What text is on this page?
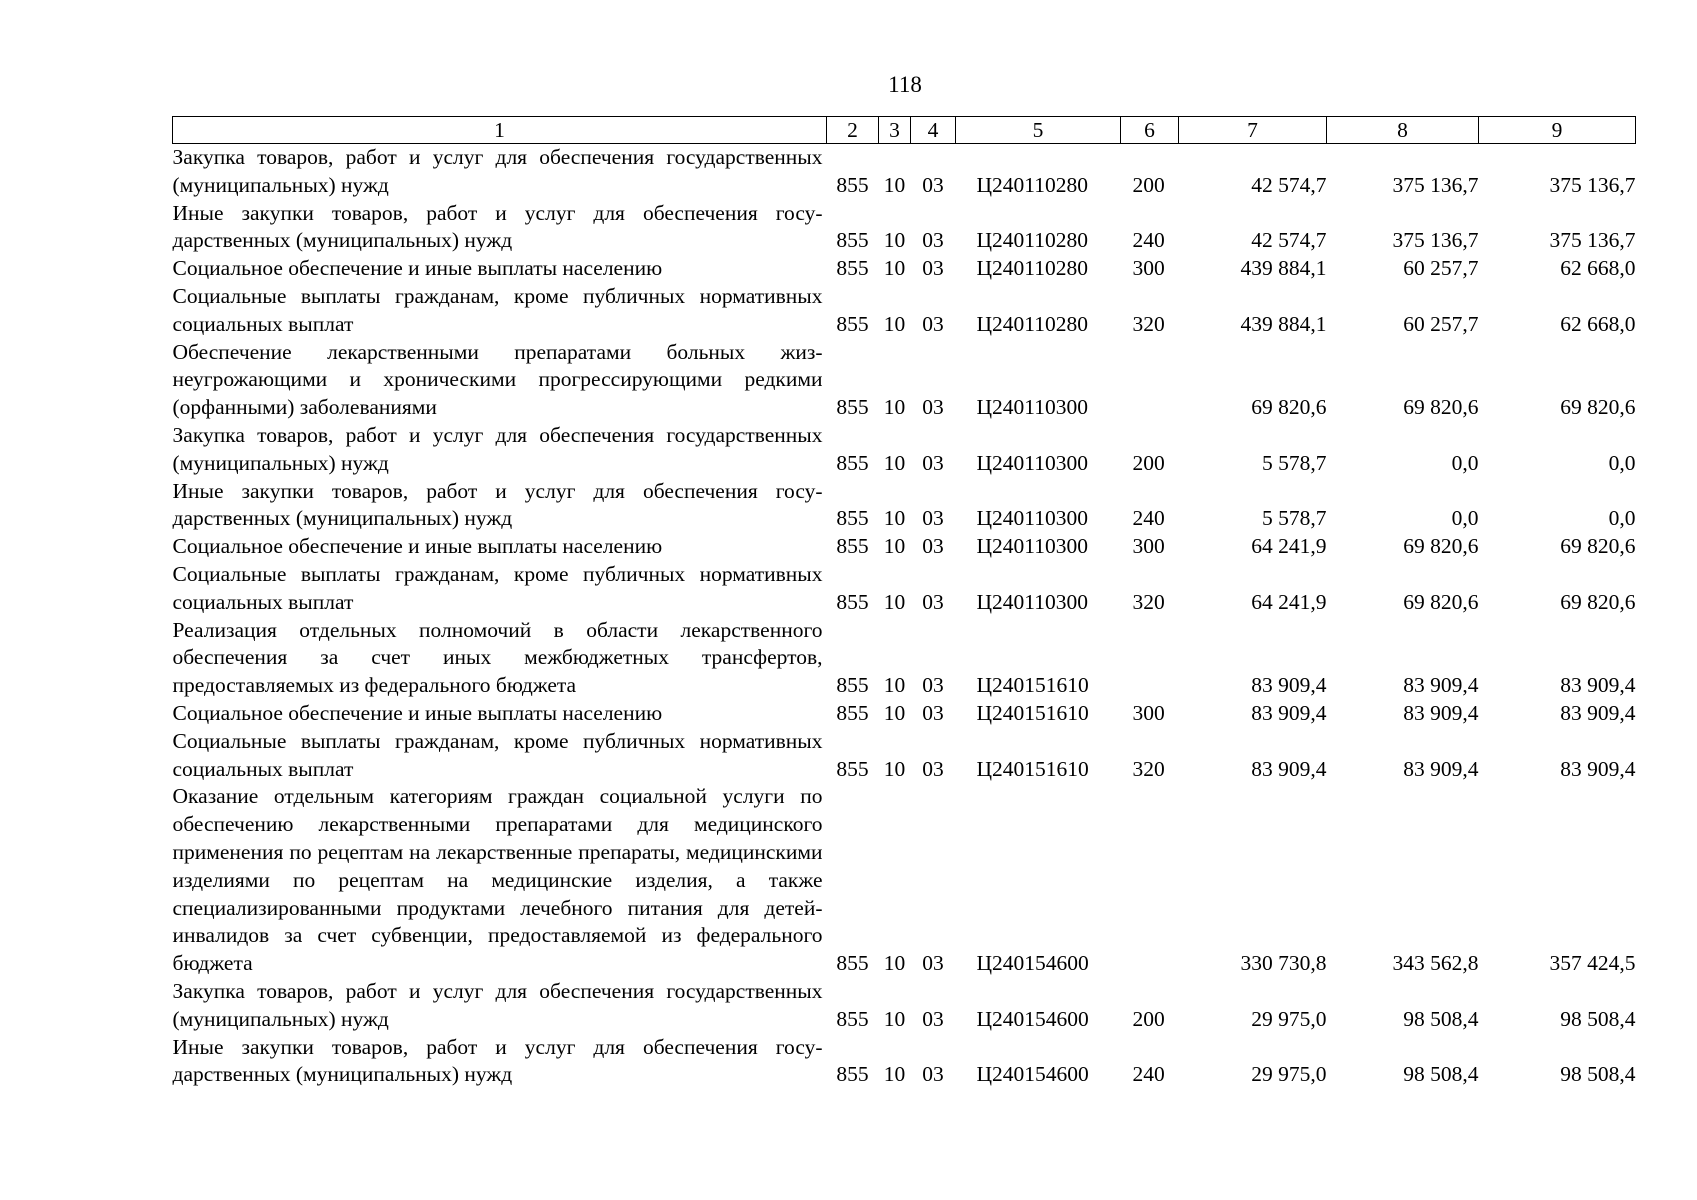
118
1	2	3	4	5	6	7	8	9
Закупка товаров, работ и услуг для обеспечения государственных (муниципальных) нужд	855	10	03	Ц240110280	200	42 574,7	375 136,7	375 136,7
Иные закупки товаров, работ и услуг для обеспечения государственных (муниципальных) нужд	855	10	03	Ц240110280	240	42 574,7	375 136,7	375 136,7
Социальное обеспечение и иные выплаты населению	855	10	03	Ц240110280	300	439 884,1	60 257,7	62 668,0
Социальные выплаты гражданам, кроме публичных нормативных социальных выплат	855	10	03	Ц240110280	320	439 884,1	60 257,7	62 668,0
Обеспечение лекарственными препаратами больных жизнеугрожающими и хроническими прогрессирующими редкими (орфанными) заболеваниями	855	10	03	Ц240110300		69 820,6	69 820,6	69 820,6
Закупка товаров, работ и услуг для обеспечения государственных (муниципальных) нужд	855	10	03	Ц240110300	200	5 578,7	0,0	0,0
Иные закупки товаров, работ и услуг для обеспечения государственных (муниципальных) нужд	855	10	03	Ц240110300	240	5 578,7	0,0	0,0
Социальное обеспечение и иные выплаты населению	855	10	03	Ц240110300	300	64 241,9	69 820,6	69 820,6
Социальные выплаты гражданам, кроме публичных нормативных социальных выплат	855	10	03	Ц240110300	320	64 241,9	69 820,6	69 820,6
Реализация отдельных полномочий в области лекарственного обеспечения за счет иных межбюджетных трансфертов, предоставляемых из федерального бюджета	855	10	03	Ц240151610		83 909,4	83 909,4	83 909,4
Социальное обеспечение и иные выплаты населению	855	10	03	Ц240151610	300	83 909,4	83 909,4	83 909,4
Социальные выплаты гражданам, кроме публичных нормативных социальных выплат	855	10	03	Ц240151610	320	83 909,4	83 909,4	83 909,4
Оказание отдельным категориям граждан социальной услуги по обеспечению лекарственными препаратами для медицинского применения по рецептам на лекарственные препараты, медицинскими изделиями по рецептам на медицинские изделия, а также специализированными продуктами лечебного питания для детей-инвалидов за счет субвенции, предоставляемой из федерального бюджета	855	10	03	Ц240154600		330 730,8	343 562,8	357 424,5
Закупка товаров, работ и услуг для обеспечения государственных (муниципальных) нужд	855	10	03	Ц240154600	200	29 975,0	98 508,4	98 508,4
Иные закупки товаров, работ и услуг для обеспечения государственных (муниципальных) нужд	855	10	03	Ц240154600	240	29 975,0	98 508,4	98 508,4
